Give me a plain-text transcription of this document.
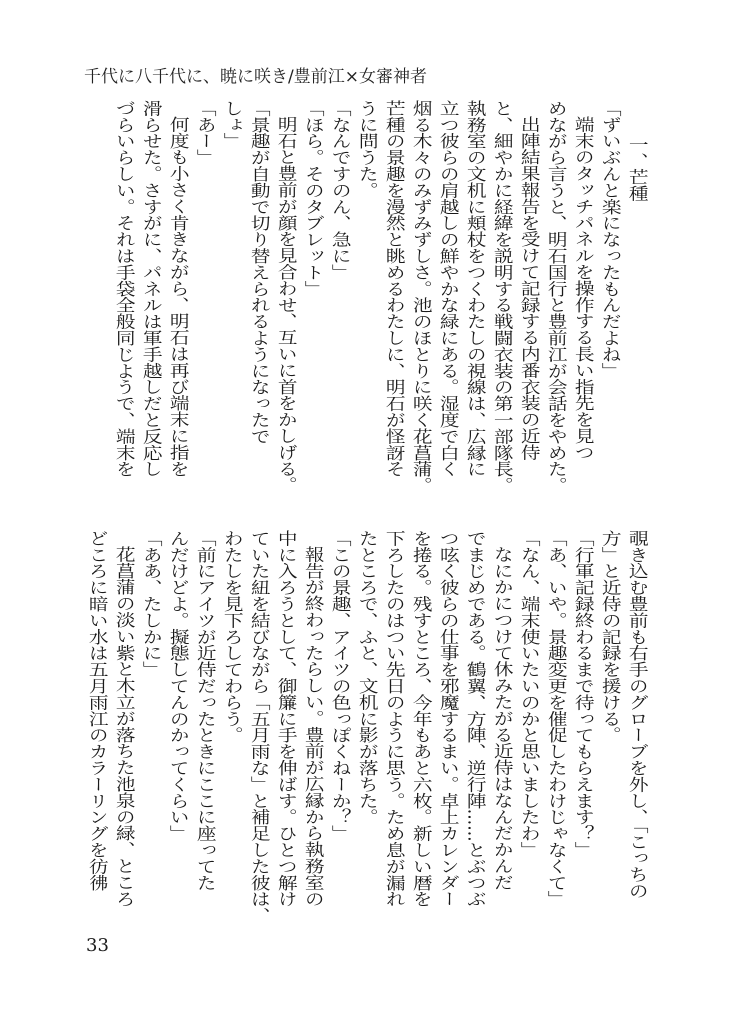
千代に八千代に、暁に咲き/豊前江×女審神者
一、芒種
「ずいぶんと楽になったもんだよね」
端末のタッチパネルを操作する長い指先を見つ
めながら言うと、明石国行と豊前江が会話をやめた。
出陣結果報告を受けて記録する内番衣装の近侍
と、細やかに経緯を説明する戦闘衣装の第一部隊長。
執務室の文机に頬杖をつくわたしの視線は、広縁に
立つ彼らの肩越しの鮮やかな緑にある。湿度で白く
烟る木々のみずみずしさ。池のほとりに咲く花菖蒲。
芒種の景趣を漫然と眺めるわたしに、明石が怪訝そ
うに問うた。
「なんですのん、急に」
「ほら。そのタブレット」
明石と豊前が顔を見合わせ、互いに首をかしげる。
「景趣が自動で切り替えられるようになったで
しょ」
「あー」
何度も小さく肯きながら、明石は再び端末に指を
滑らせた。さすがに、パネルは軍手越しだと反応し
づらいらしい。それは手袋全般同じようで、端末を
覗き込む豊前も右手のグローブを外し、「こっちの
方」と近侍の記録を援ける。
「行軍記録終わるまで待ってもらえます？」
「あ、いや。景趣変更を催促したわけじゃなくて」
「なん、端末使いたいのかと思いましたわ」
なにかにつけて休みたがる近侍はなんだかんだ
でまじめである。鶴翼、方陣、逆行陣……とぶつぶ
つ呟く彼らの仕事を邪魔するまい。卓上カレンダー
を捲る。残すところ、今年もあと六枚。新しい暦を
下ろしたのはつい先日のように思う。ため息が漏れ
たところで、ふと、文机に影が落ちた。
「この景趣、アイツの色っぽくねーか？」
報告が終わったらしい。豊前が広縁から執務室の
中に入ろうとして、御簾に手を伸ばす。ひとつ解け
ていた紐を結びながら「五月雨な」と補足した彼は、
わたしを見下ろしてわらう。
「前にアイツが近侍だったときにここに座ってた
んだけどよ。擬態してんのかってくらい」
「ああ、たしかに」
花菖蒲の淡い紫と木立が落ちた池泉の緑、ところ
どころに暗い水は五月雨江のカラーリングを彷彿
33
